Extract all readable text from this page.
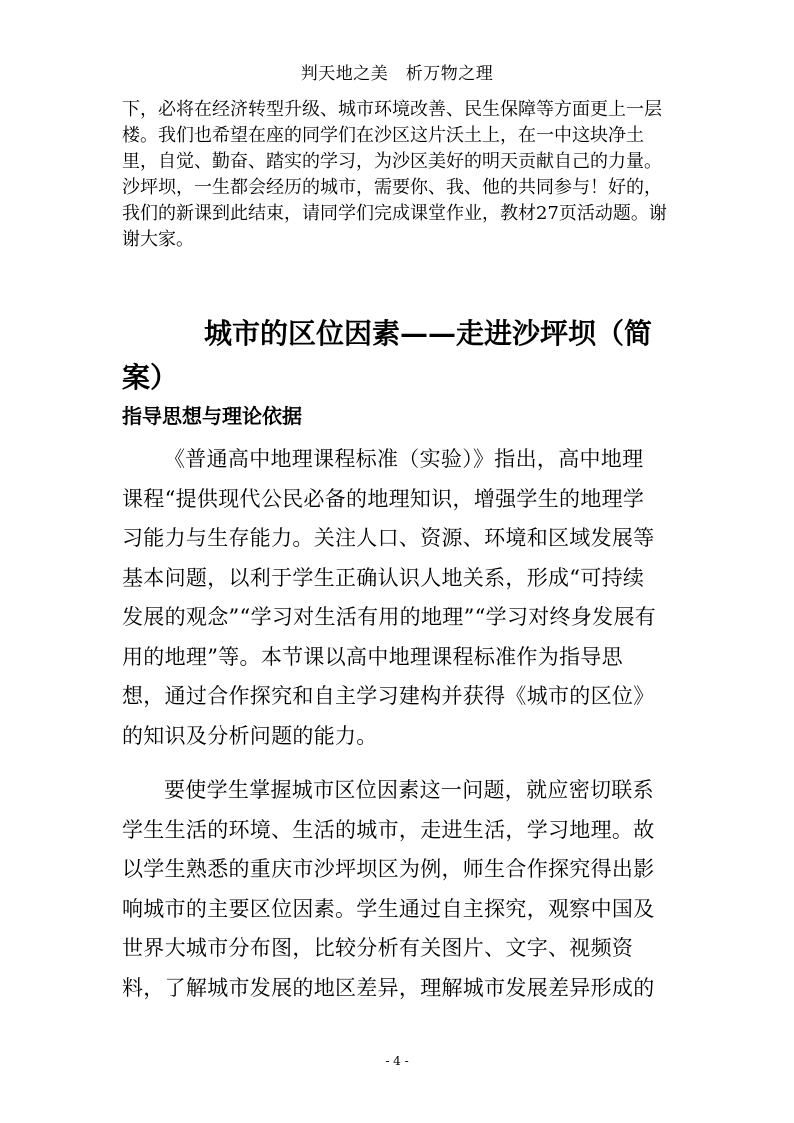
判天地之美　析万物之理

下，必将在经济转型升级、城市环境改善、民生保障等方面更上一层楼。我们也希望在座的同学们在沙区这片沃土上，在一中这块净土里，自觉、勤奋、踏实的学习，为沙区美好的明天贡献自己的力量。沙坪坝，一生都会经历的城市，需要你、我、他的共同参与！好的，我们的新课到此结束，请同学们完成课堂作业，教材27页活动题。谢谢大家。

城市的区位因素——走进沙坪坝（简案）
指导思想与理论依据

《普通高中地理课程标准（实验）》指出，高中地理课程“提供现代公民必备的地理知识，增强学生的地理学习能力与生存能力。关注人口、资源、环境和区域发展等基本问题，以利于学生正确认识人地关系，形成“可持续发展的观念”“学习对生活有用的地理”“学习对终身发展有用的地理”等。本节课以高中地理课程标准作为指导思想，通过合作探究和自主学习建构并获得《城市的区位》的知识及分析问题的能力。

要使学生掌握城市区位因素这一问题，就应密切联系学生生活的环境、生活的城市，走进生活，学习地理。故以学生熟悉的重庆市沙坪坝区为例，师生合作探究得出影响城市的主要区位因素。学生通过自主探究，观察中国及世界大城市分布图，比较分析有关图片、文字、视频资料，了解城市发展的地区差异，理解城市发展差异形成的

- 4 -
